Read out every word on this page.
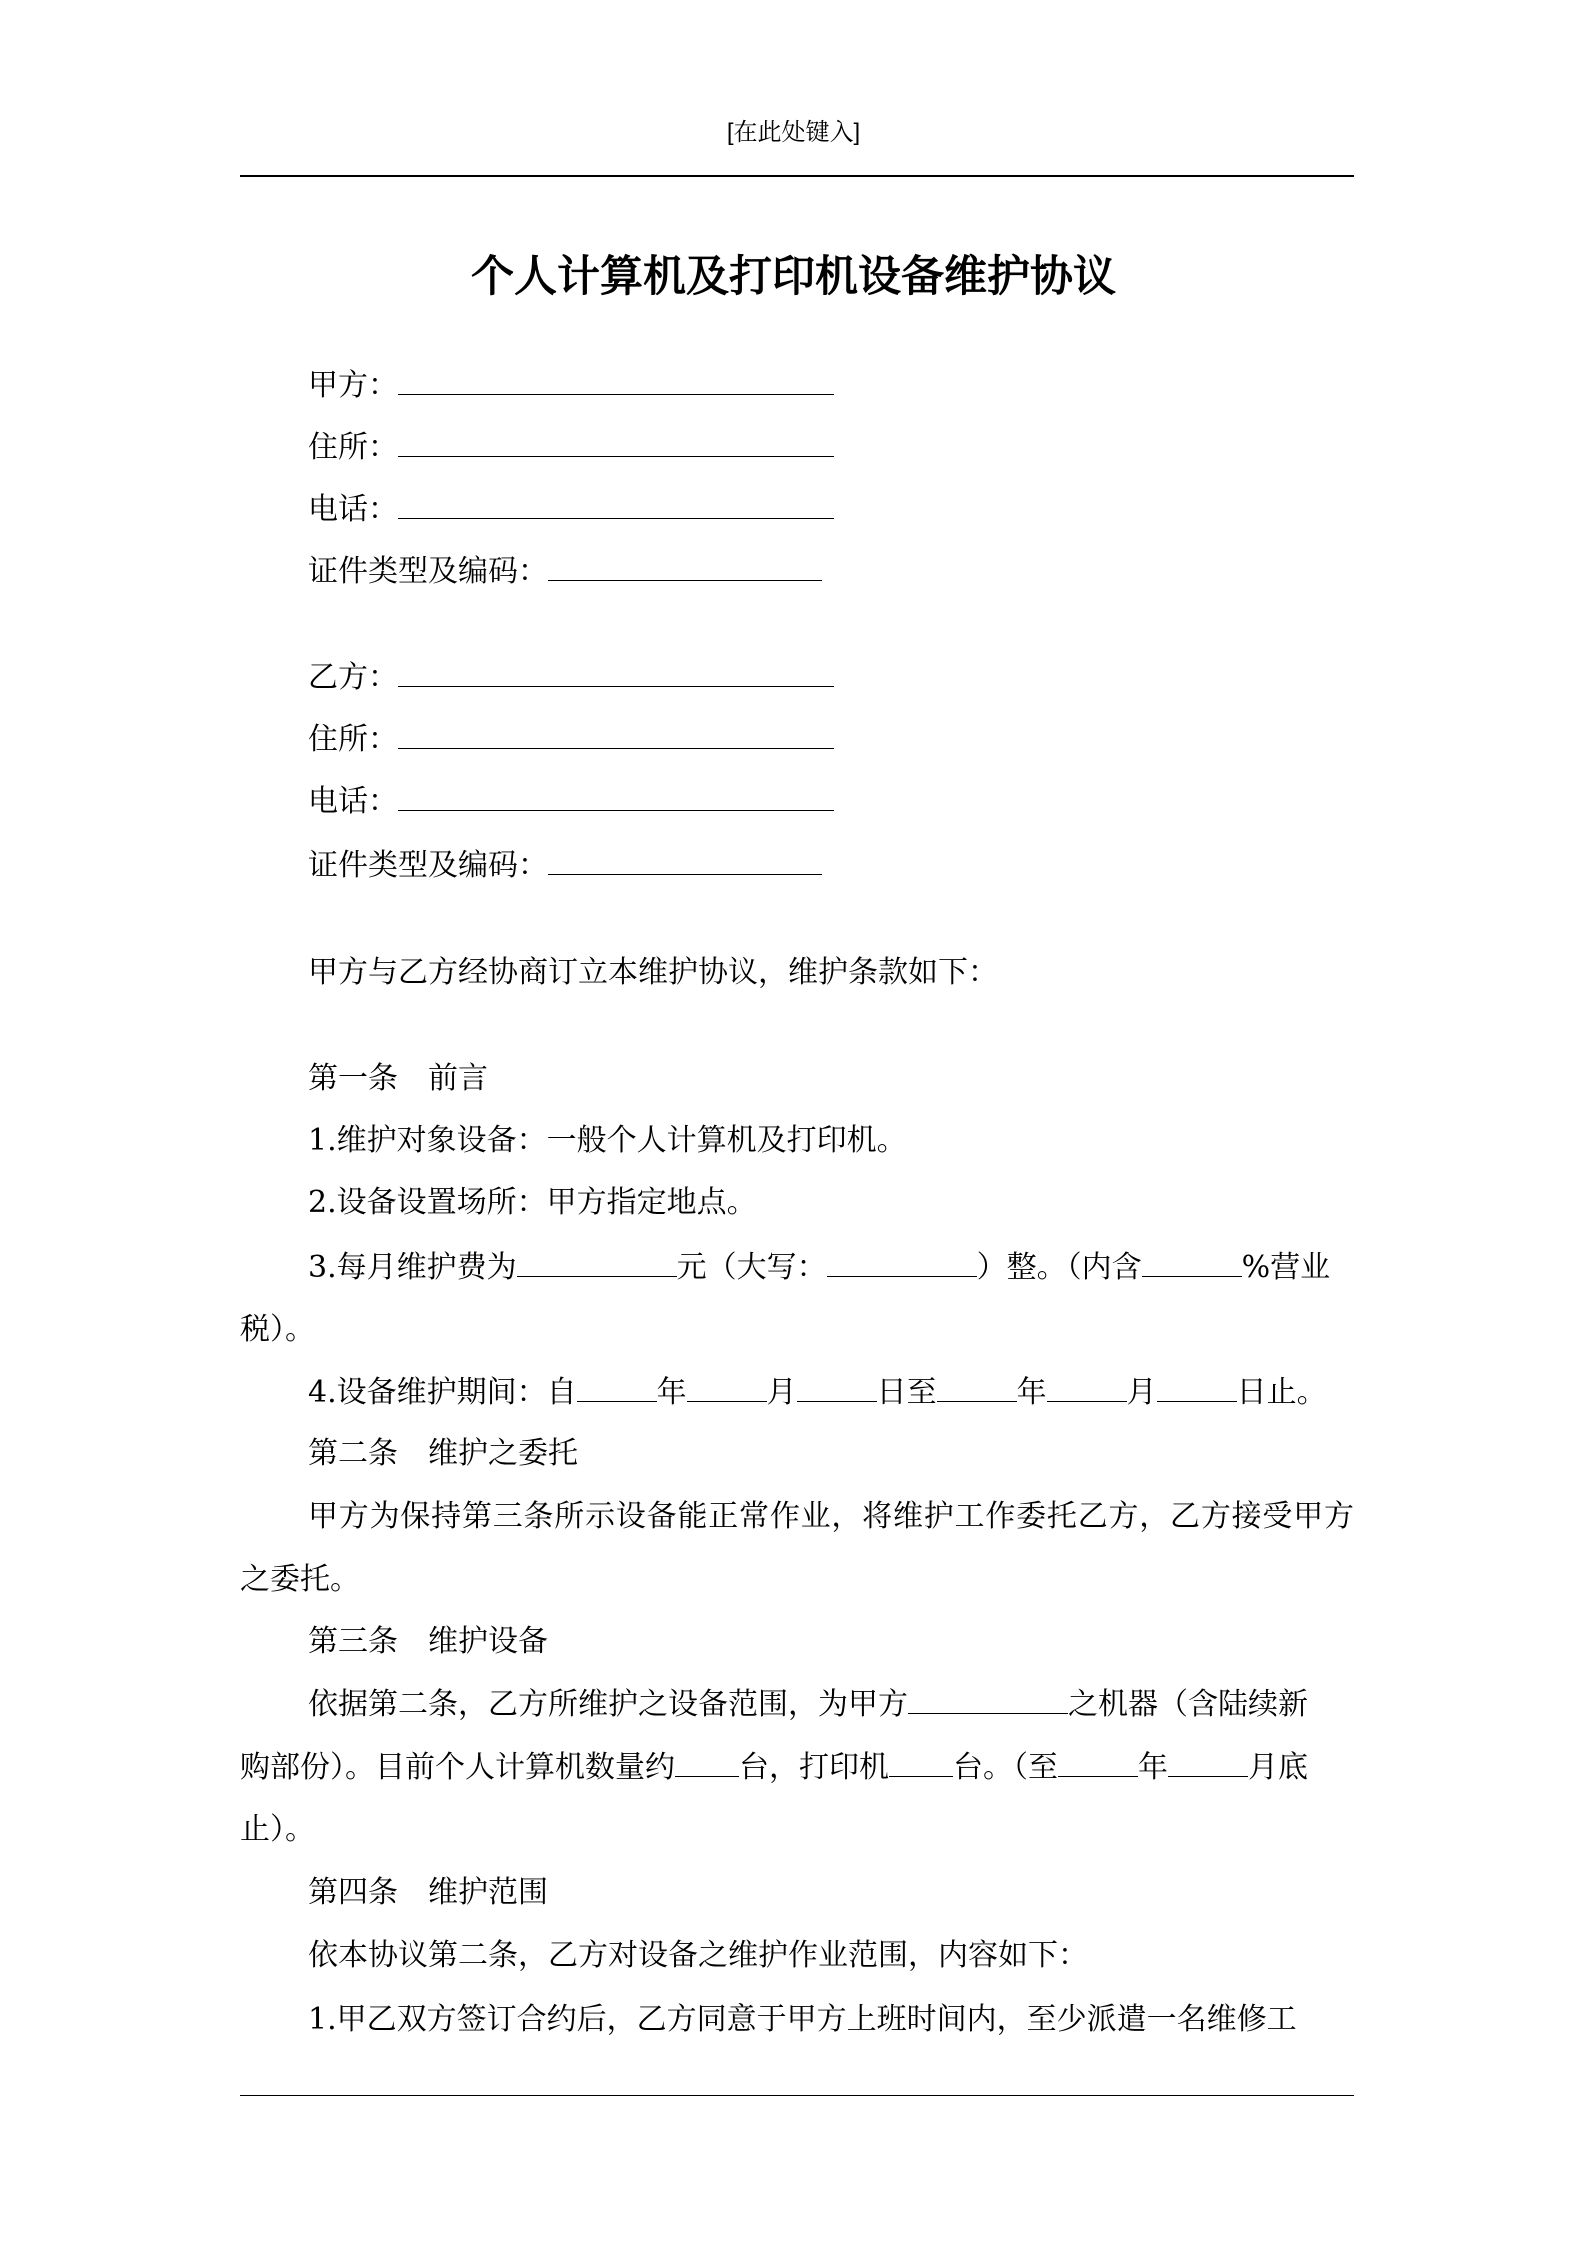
[在此处键入]
个人计算机及打印机设备维护协议
甲方：
住所：
电话：
证件类型及编码：
乙方：
住所：
电话：
证件类型及编码：
甲方与乙方经协商订立本维护协议，维护条款如下：
第一条 前言
1.维护对象设备：一般个人计算机及打印机。
2.设备设置场所：甲方指定地点。
3.每月维护费为	元（大写：	）整。（内含	%营业
税）。
4.设备维护期间：自	年	月	日至	年	月	日止。
第二条 维护之委托
甲方为保持第三条所示设备能正常作业，将维护工作委托乙方，乙方接受甲方之委托。
第三条 维护设备
依据第二条，乙方所维护之设备范围，为甲方	之机器（含陆续新
购部份）。目前个人计算机数量约 台，打印机 台。（至	年	月底
止）。
第四条 维护范围
依本协议第二条，乙方对设备之维护作业范围，内容如下：
1.甲乙双方签订合约后，乙方同意于甲方上班时间内，至少派遣一名维修工
